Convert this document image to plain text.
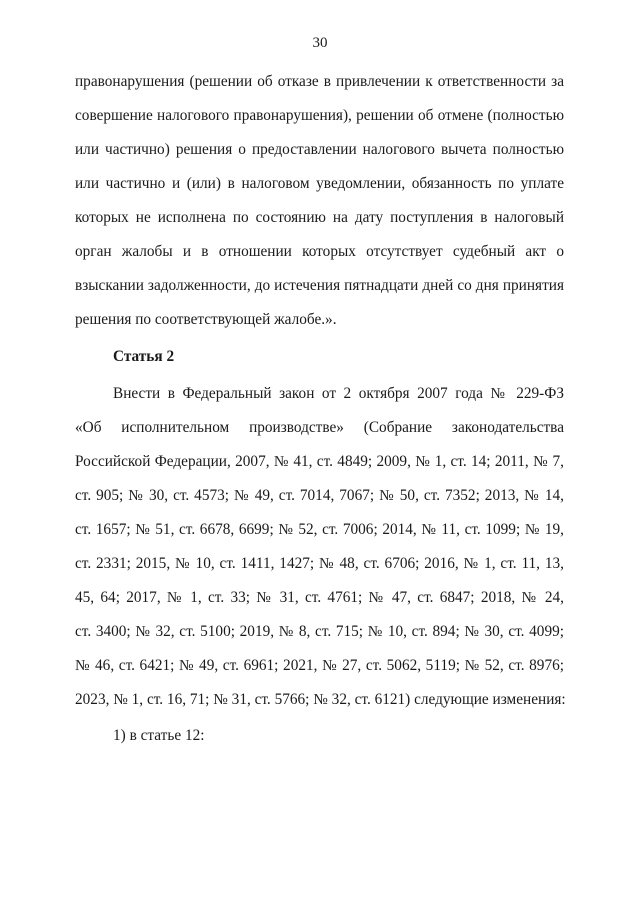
30
правонарушения (решении об отказе в привлечении к ответственности за
совершение налогового правонарушения), решении об отмене (полностью
или частично) решения о предоставлении налогового вычета полностью
или частично и (или) в налоговом уведомлении, обязанность по уплате
которых не исполнена по состоянию на дату поступления в налоговый
орган жалобы и в отношении которых отсутствует судебный акт о
взыскании задолженности, до истечения пятнадцати дней со дня принятия
решения по соответствующей жалобе.».
Статья 2
Внести в Федеральный закон от 2 октября 2007 года № 229-ФЗ
«Об исполнительном производстве» (Собрание законодательства
Российской Федерации, 2007, № 41, ст. 4849; 2009, № 1, ст. 14; 2011, № 7,
ст. 905; № 30, ст. 4573; № 49, ст. 7014, 7067; № 50, ст. 7352; 2013, № 14,
ст. 1657; № 51, ст. 6678, 6699; № 52, ст. 7006; 2014, № 11, ст. 1099; № 19,
ст. 2331; 2015, № 10, ст. 1411, 1427; № 48, ст. 6706; 2016, № 1, ст. 11, 13,
45, 64; 2017, № 1, ст. 33; № 31, ст. 4761; № 47, ст. 6847; 2018, № 24,
ст. 3400; № 32, ст. 5100; 2019, № 8, ст. 715; № 10, ст. 894; № 30, ст. 4099;
№ 46, ст. 6421; № 49, ст. 6961; 2021, № 27, ст. 5062, 5119; № 52, ст. 8976;
2023, № 1, ст. 16, 71; № 31, ст. 5766; № 32, ст. 6121) следующие изменения:
1) в статье 12:
